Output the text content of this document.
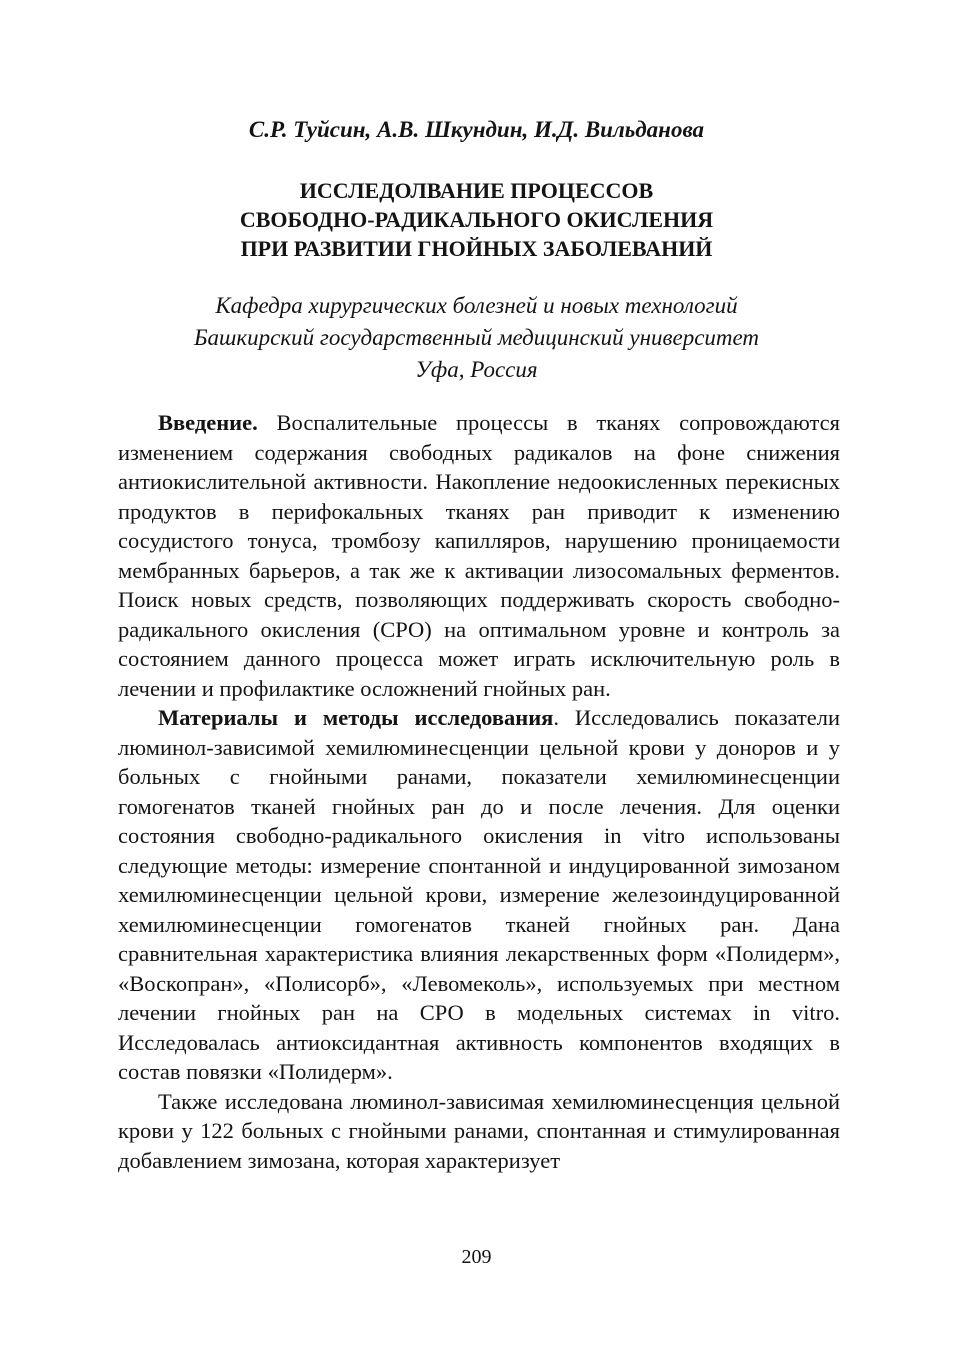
С.Р. Туйсин, А.В. Шкундин, И.Д. Вильданова
ИССЛЕДОЛВАНИЕ ПРОЦЕССОВ
СВОБОДНО-РАДИКАЛЬНОГО ОКИСЛЕНИЯ
ПРИ РАЗВИТИИ ГНОЙНЫХ ЗАБОЛЕВАНИЙ
Кафедра хирургических болезней и новых технологий
Башкирский государственный медицинский университет
Уфа, Россия

Введение. Воспалительные процессы в тканях сопровождаются изменением содержания свободных радикалов на фоне снижения антиокислительной активности. Накопление недоокисленных перекисных продуктов в перифокальных тканях ран приводит к изменению сосудистого тонуса, тромбозу капилляров, нарушению проницаемости мембранных барьеров, а так же к активации лизосомальных ферментов. Поиск новых средств, позволяющих поддерживать скорость свободно-радикального окисления (СРО) на оптимальном уровне и контроль за состоянием данного процесса может играть исключительную роль в лечении и профилактике осложнений гнойных ран.

Материалы и методы исследования. Исследовались показатели люминол-зависимой хемилюминесценции цельной крови у доноров и у больных с гнойными ранами, показатели хемилюминесценции гомогенатов тканей гнойных ран до и после лечения. Для оценки состояния свободно-радикального окисления in vitro использованы следующие методы: измерение спонтанной и индуцированной зимозаном хемилюминесценции цельной крови, измерение железоиндуцированной хемилюминесценции гомогенатов тканей гнойных ран. Дана сравнительная характеристика влияния лекарственных форм «Полидерм», «Воскопран», «Полисорб», «Левомеколь», используемых при местном лечении гнойных ран на СРО в модельных системах in vitro. Исследовалась антиоксидантная активность компонентов входящих в состав повязки «Полидерм».

Также исследована люминол-зависимая хемилюминесценция цельной крови у 122 больных с гнойными ранами, спонтанная и стимулированная добавлением зимозана, которая характеризует

209
